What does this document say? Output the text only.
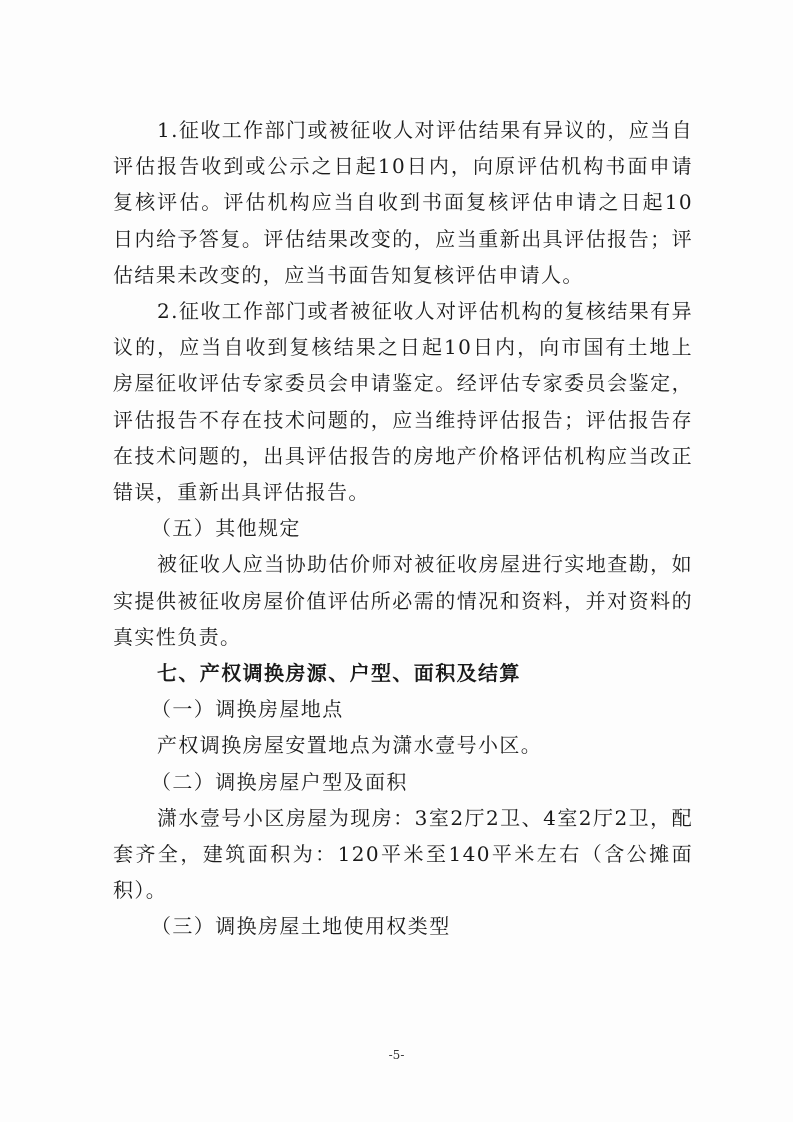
1.征收工作部门或被征收人对评估结果有异议的，应当自评估报告收到或公示之日起10日内，向原评估机构书面申请复核评估。评估机构应当自收到书面复核评估申请之日起10日内给予答复。评估结果改变的，应当重新出具评估报告；评估结果未改变的，应当书面告知复核评估申请人。

2.征收工作部门或者被征收人对评估机构的复核结果有异议的，应当自收到复核结果之日起10日内，向市国有土地上房屋征收评估专家委员会申请鉴定。经评估专家委员会鉴定，评估报告不存在技术问题的，应当维持评估报告；评估报告存在技术问题的，出具评估报告的房地产价格评估机构应当改正错误，重新出具评估报告。

（五）其他规定

被征收人应当协助估价师对被征收房屋进行实地查勘，如实提供被征收房屋价值评估所必需的情况和资料，并对资料的真实性负责。

七、产权调换房源、户型、面积及结算

（一）调换房屋地点

产权调换房屋安置地点为潇水壹号小区。

（二）调换房屋户型及面积

潇水壹号小区房屋为现房：3室2厅2卫、4室2厅2卫，配套齐全，建筑面积为：120平米至140平米左右（含公摊面积）。

（三）调换房屋土地使用权类型

-5-
